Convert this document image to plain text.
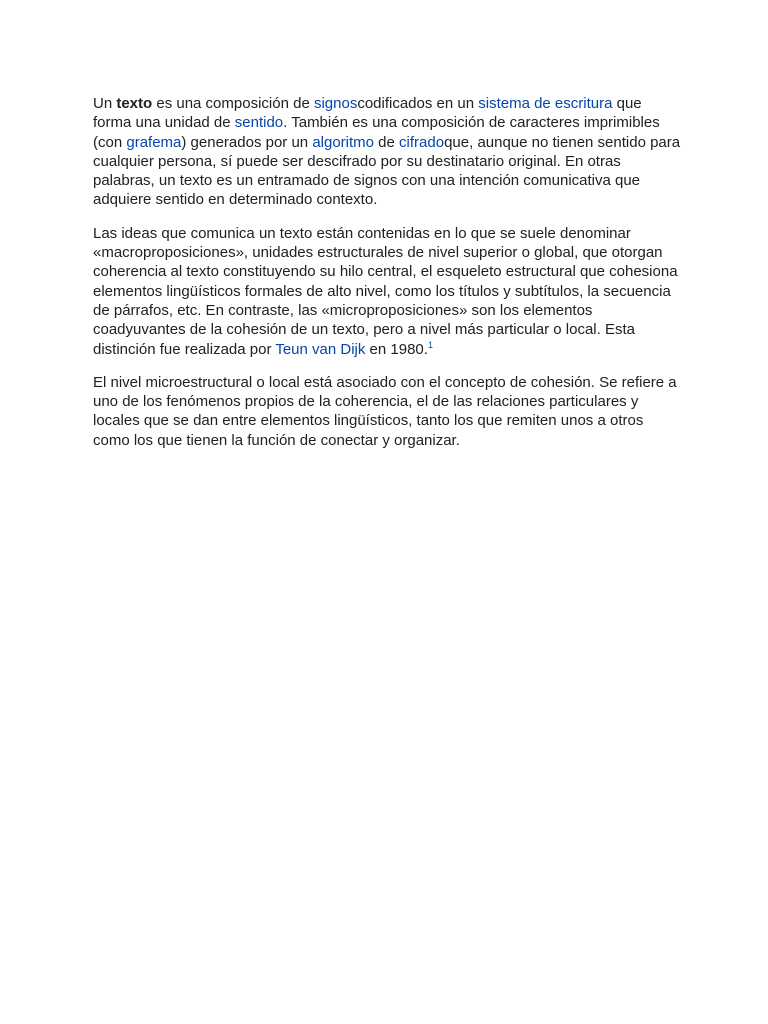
Un texto es una composición de signoscodificados en un sistema de escritura que forma una unidad de sentido. También es una composición de caracteres imprimibles (con grafema) generados por un algoritmo de cifradoque, aunque no tienen sentido para cualquier persona, sí puede ser descifrado por su destinatario original. En otras palabras, un texto es un entramado de signos con una intención comunicativa que adquiere sentido en determinado contexto.

Las ideas que comunica un texto están contenidas en lo que se suele denominar «macroproposiciones», unidades estructurales de nivel superior o global, que otorgan coherencia al texto constituyendo su hilo central, el esqueleto estructural que cohesiona elementos lingüísticos formales de alto nivel, como los títulos y subtítulos, la secuencia de párrafos, etc. En contraste, las «microproposiciones» son los elementos coadyuvantes de la cohesión de un texto, pero a nivel más particular o local. Esta distinción fue realizada por Teun van Dijk en 1980.$^1$

El nivel microestructural o local está asociado con el concepto de cohesión. Se refiere a uno de los fenómenos propios de la coherencia, el de las relaciones particulares y locales que se dan entre elementos lingüísticos, tanto los que remiten unos a otros como los que tienen la función de conectar y organizar.
